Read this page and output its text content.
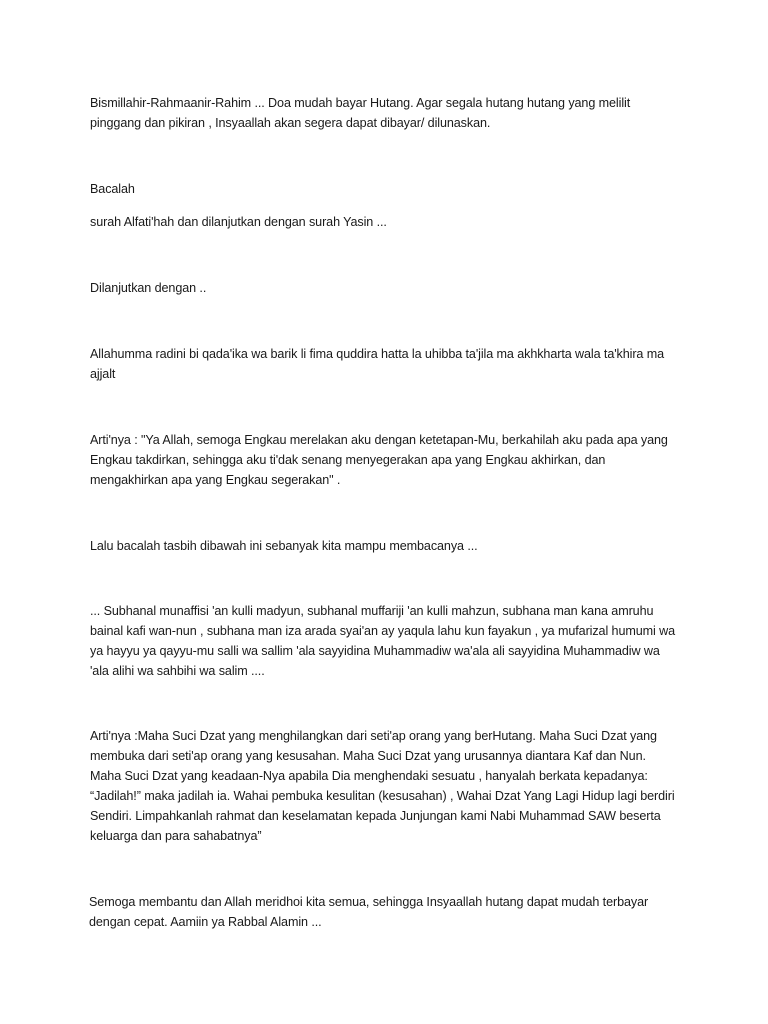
Bismillahir-Rahmaanir-Rahim ... Doa mudah bayar Hutang. Agar segala hutang hutang yang melilit pinggang dan pikiran , Insyaallah akan segera dapat dibayar/ dilunaskan.

Bacalah

surah Alfati'hah dan dilanjutkan dengan surah Yasin ...

Dilanjutkan dengan ..

Allahumma radini bi qada'ika wa barik li fima quddira hatta la uhibba ta'jila ma akhkharta wala ta'khira ma ajjalt

Arti'nya : "Ya Allah, semoga Engkau merelakan aku dengan ketetapan-Mu, berkahilah aku pada apa yang Engkau takdirkan, sehingga aku ti'dak senang menyegerakan apa yang Engkau akhirkan, dan mengakhirkan apa yang Engkau segerakan" .

Lalu bacalah tasbih dibawah ini sebanyak kita mampu membacanya ...

... Subhanal munaffisi 'an kulli madyun, subhanal muffariji 'an kulli mahzun, subhana man kana amruhu bainal kafi wan-nun , subhana man iza arada syai'an ay yaqula lahu kun fayakun , ya mufarizal humumi wa ya hayyu ya qayyu-mu salli wa sallim 'ala sayyidina Muhammadiw wa'ala ali sayyidina Muhammadiw wa 'ala alihi wa sahbihi wa salim ....

Arti'nya :Maha Suci Dzat yang menghilangkan dari seti'ap orang yang berHutang. Maha Suci Dzat yang membuka dari seti'ap orang yang kesusahan. Maha Suci Dzat yang urusannya diantara Kaf dan Nun. Maha Suci Dzat yang keadaan-Nya apabila Dia menghendaki sesuatu , hanyalah berkata kepadanya: “Jadilah!” maka jadilah ia. Wahai pembuka kesulitan (kesusahan) , Wahai Dzat Yang Lagi Hidup lagi berdiri Sendiri. Limpahkanlah rahmat dan keselamatan kepada Junjungan kami Nabi Muhammad SAW beserta keluarga dan para sahabatnya”

Semoga membantu dan Allah meridhoi kita semua, sehingga Insyaallah hutang dapat mudah terbayar dengan cepat. Aamiin ya Rabbal Alamin ...
